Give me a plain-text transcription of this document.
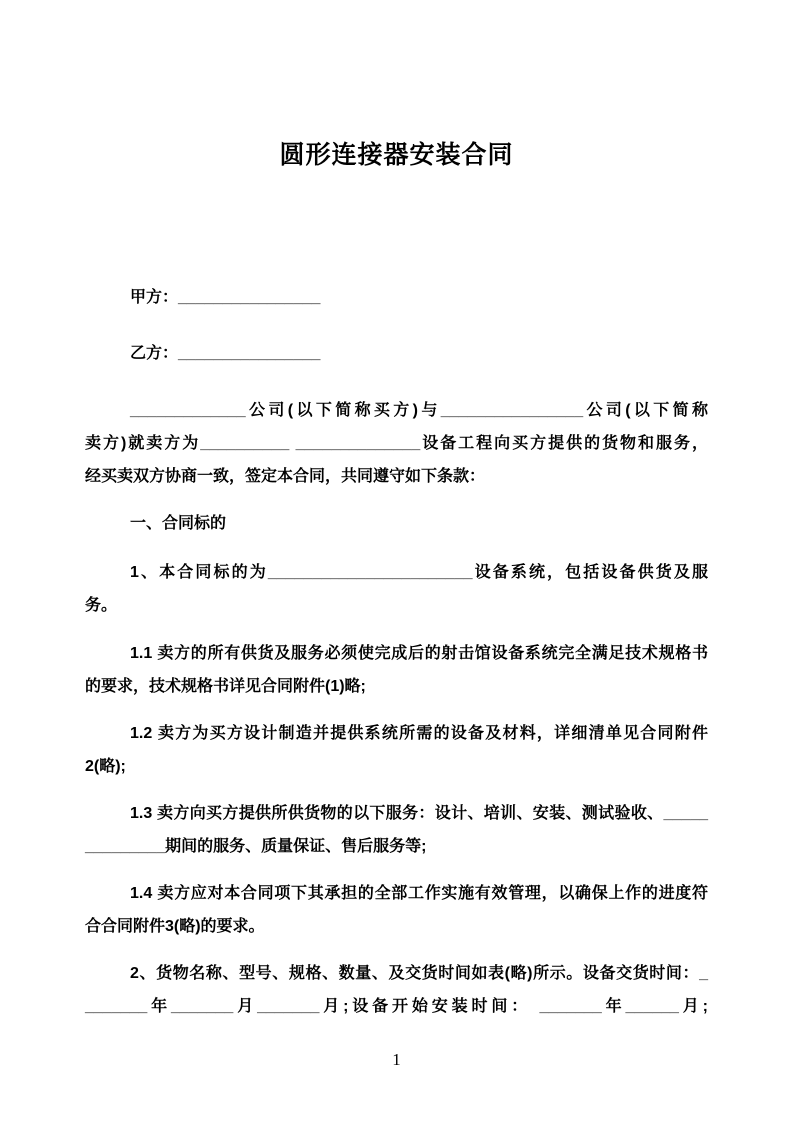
圆形连接器安装合同
甲方：________________
乙方：________________
_____________公司(以下简称买方)与________________公司(以下简称
卖方)就卖方为__________ ______________设备工程向买方提供的货物和服务，
经买卖双方协商一致，签定本合同，共同遵守如下条款：
一、合同标的
1、本合同标的为_______________________设备系统，包括设备供货及服
务。
1.1 卖方的所有供货及服务必须使完成后的射击馆设备系统完全满足技术规格书
的要求，技术规格书详见合同附件(1)略;
1.2 卖方为买方设计制造并提供系统所需的设备及材料，详细清单见合同附件
2(略);
1.3 卖方向买方提供所供货物的以下服务：设计、培训、安装、测试验收、_____
_________期间的服务、质量保证、售后服务等;
1.4 卖方应对本合同项下其承担的全部工作实施有效管理，以确保上作的进度符
合合同附件3(略)的要求。
2、货物名称、型号、规格、数量、及交货时间如表(略)所示。设备交货时间：_
_______年_______月_______月;设备开始安装时间： _______年______月;
1
